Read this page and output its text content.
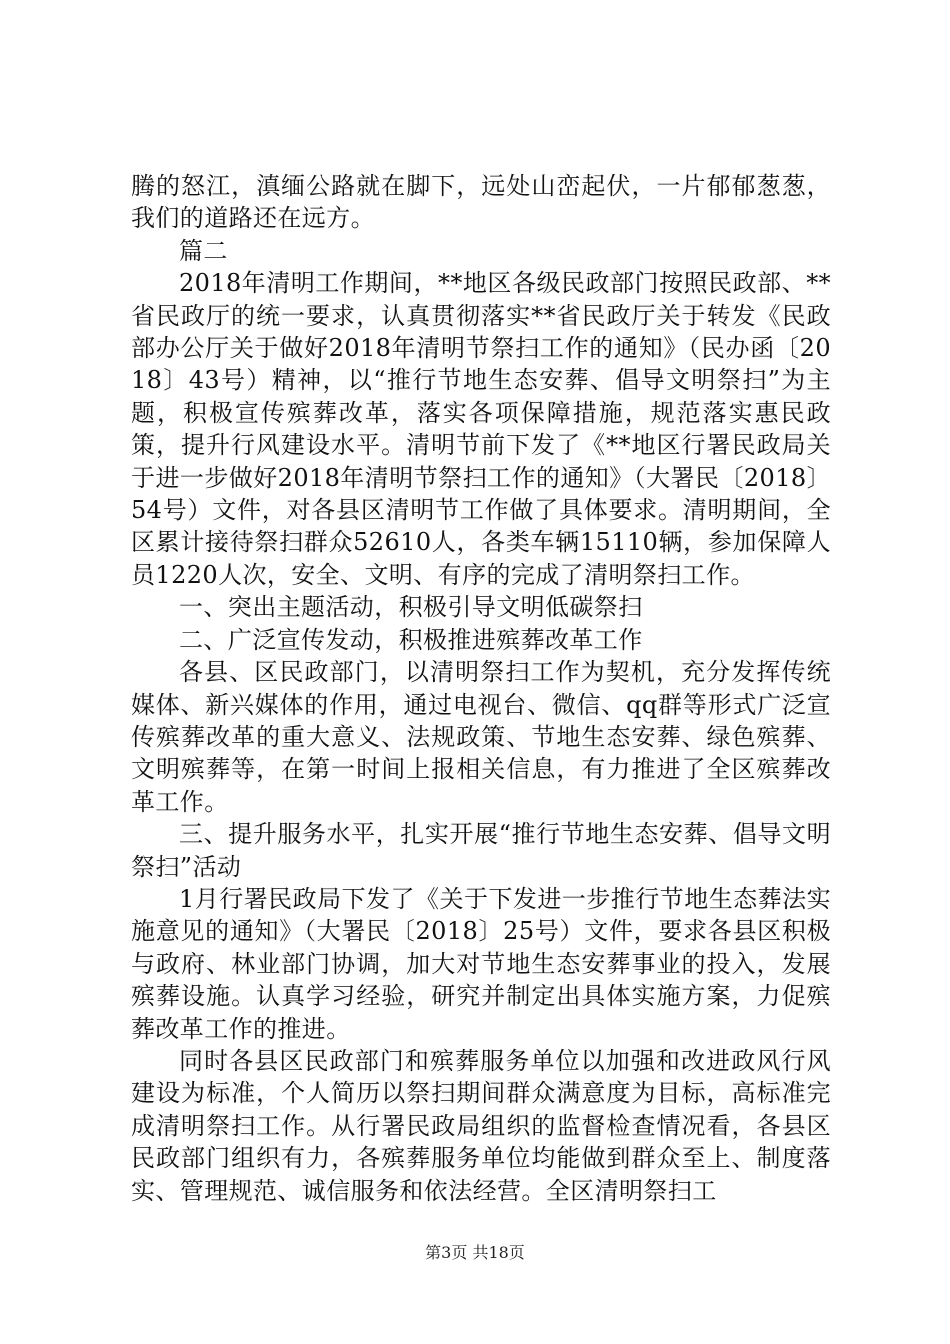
腾的怒江，滇缅公路就在脚下，远处山峦起伏，一片郁郁葱葱，我们的道路还在远方。

篇二

2018年清明工作期间，**地区各级民政部门按照民政部、**省民政厅的统一要求，认真贯彻落实**省民政厅关于转发《民政部办公厅关于做好2018年清明节祭扫工作的通知》（民办函〔2018〕43号）精神，以“推行节地生态安葬、倡导文明祭扫”为主题，积极宣传殡葬改革，落实各项保障措施，规范落实惠民政策，提升行风建设水平。清明节前下发了《**地区行署民政局关于进一步做好2018年清明节祭扫工作的通知》（大署民〔2018〕54号）文件，对各县区清明节工作做了具体要求。清明期间，全区累计接待祭扫群众52610人，各类车辆15110辆，参加保障人员1220人次，安全、文明、有序的完成了清明祭扫工作。

一、突出主题活动，积极引导文明低碳祭扫

二、广泛宣传发动，积极推进殡葬改革工作

各县、区民政部门，以清明祭扫工作为契机，充分发挥传统媒体、新兴媒体的作用，通过电视台、微信、qq群等形式广泛宣传殡葬改革的重大意义、法规政策、节地生态安葬、绿色殡葬、文明殡葬等，在第一时间上报相关信息，有力推进了全区殡葬改革工作。

三、提升服务水平，扎实开展“推行节地生态安葬、倡导文明祭扫”活动

1月行署民政局下发了《关于下发进一步推行节地生态葬法实施意见的通知》（大署民〔2018〕25号）文件，要求各县区积极与政府、林业部门协调，加大对节地生态安葬事业的投入，发展殡葬设施。认真学习经验，研究并制定出具体实施方案，力促殡葬改革工作的推进。

同时各县区民政部门和殡葬服务单位以加强和改进政风行风建设为标准，个人简历以祭扫期间群众满意度为目标，高标准完成清明祭扫工作。从行署民政局组织的监督检查情况看，各县区民政部门组织有力，各殡葬服务单位均能做到群众至上、制度落实、管理规范、诚信服务和依法经营。全区清明祭扫工

第3页 共18页
